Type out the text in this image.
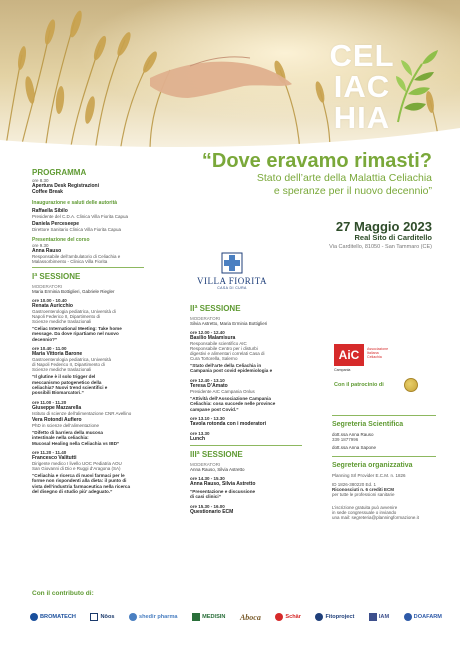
CEL
IAC
HIA
“Dove eravamo rimasti?
Stato dell’arte della Malattia Celiachia
e speranze per il nuovo decennio”
27 Maggio 2023
Real Sito di Carditello
Via Carditello, 81050 - San Tammaro (CE)
PROGRAMMA
ore 8.30
Apertura Desk Registrazioni
Coffee Break
Inaugurazione e saluti delle autorità
Raffaella Sibilo
Presidente del C.D.A. Clinica Villa Fiorita Capua
Daniela Perceseepe
Direttore Sanitario Clinica Villa Fiorita Capua
Presentazione del corso
ore 9.30
Anna Rauso
Responsabile dell’ambulatorio di Celiachia e
Malassorbimento - Clinica Villa Fiorita
Iª SESSIONE
MODERATORI
Maria Erminia Bottiglieri, Gabriele Riegler
ore 10.00 - 10.40
Renata Auricchio
Gastroenterologia pediatrica, Università di
Napoli Federico II, Dipartimento di
Scienze mediche traslazionali
“Celiac International Meeting: Take home
message. Da dove ripartiamo nel nuovo
decennio?”
ore 10.40 - 11.00
Maria Vittoria Barone
Gastroenterologia pediatrica, Università
di Napoli Federico II, Dipartimento di
Scienze mediche traslazionali
“Il glutine è il solo trigger del
meccanismo patogenetico della
celiachia? Nuovi trend scientifici e
possibili Biomarcatori.”
ore 11.00 - 11.20
Giuseppe Mazzarella
Istituto di scienze dell’alimentazione CNR Avellino
Vera Rotondi Aufiero
PhD in scienze dell’alimentazione
“Difetto di barriera della mucosa
intestinale nella celiachia:
Mucosal Healing nella Celiachia vs IBD”
ore 11.20 - 11.40
Francesco Valitutti
Dirigente medico I livello UOC Pediatria AOU
San Giovanni di Dio e Ruggi d’Aragona (SA)
“Celiachia e ricerca di nuovi farmaci per le
forme non rispondenti alla dieta: il punto di
vista dell’industria farmaceutica nella ricerca
del disegno di studio più’ adeguato.”
VILLA FIORITA
CASA DI CURA
IIª SESSIONE
MODERATORI
Silvia Astretto, Maria Erminia Bottiglieri
ore 12.00 - 12.40
Basilio Malamisura
Responsabile scientifico AIC
Responsabile Centro per i disturbi
digestivi e alimentari correlati Casa di
Cura Tortorella, Salerno
“Stato dell’arte della Celiachia in
Campania post covid epidemiologia e
ore 12.40 - 13.10
Teresa D’Amato
Presidente AIC Campania Onlus
“Attività dell’Associazione Campania
Celiachia: cosa succede nelle province
campane post Covid.”
ore 13.10 - 13.30
Tavola rotonda con i moderatori
ore 13.30
Lunch
IIIª SESSIONE
MODERATORI
Anna Rauso, Silvia Astretto
ore 14.30 - 15.30
Anna Rauso, Silvia Astretto
“Presentazione e discussione
di casi clinici”
ore 15.30 - 16.00
Questionario ECM
AiC	Associazione
Italiana
Celiachia
Campania
Con il patrocinio di
Segreteria Scientifica
dott.ssa Anna Rauso
339 1877996
dott.ssa Anna Sapone
Segreteria organizzativa
Planning Srl Provider E.C.M. n. 1826
ID 1826-380220 Ed. 1
Riconosciuti n. 6 crediti ECM
per tutte le professioni sanitarie
L’iscrizione gratuita può avvenire
in sede congressuale o inviando
una mail: segreteria@planningformazione.it
Con il contributo di:
BROMATECH	Nōos	shedir pharma	MEDISIN Aboca	Schär	Fitoproject	IAM	DOAFARM
